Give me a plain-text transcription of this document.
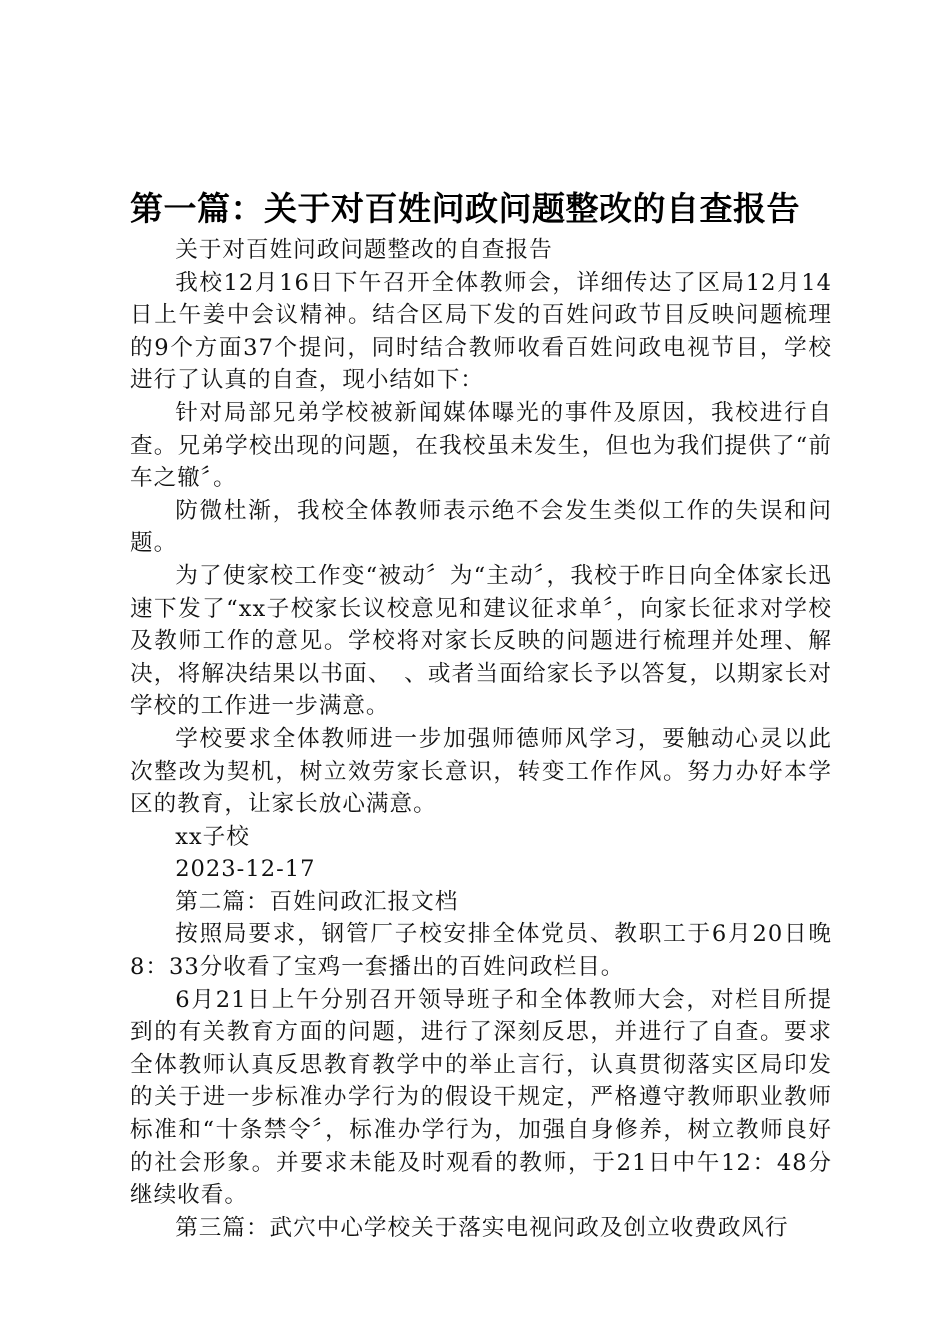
第一篇：关于对百姓问政问题整改的自查报告

关于对百姓问政问题整改的自查报告

我校12月16日下午召开全体教师会，详细传达了区局12月14日上午姜中会议精神。结合区局下发的百姓问政节目反映问题梳理的9个方面37个提问，同时结合教师收看百姓问政电视节目，学校进行了认真的自查，现小结如下：

针对局部兄弟学校被新闻媒体曝光的事件及原因，我校进行自查。兄弟学校出现的问题，在我校虽未发生，但也为我们提供了“前车之辙〞。

防微杜渐，我校全体教师表示绝不会发生类似工作的失误和问题。

为了使家校工作变“被动〞为“主动〞，我校于昨日向全体家长迅速下发了“xx子校家长议校意见和建议征求单〞，向家长征求对学校及教师工作的意见。学校将对家长反映的问题进行梳理并处理、解决，将解决结果以书面、　、或者当面给家长予以答复，以期家长对学校的工作进一步满意。

学校要求全体教师进一步加强师德师风学习，要触动心灵以此次整改为契机，树立效劳家长意识，转变工作作风。努力办好本学区的教育，让家长放心满意。

xx子校

2023-12-17

第二篇：百姓问政汇报文档

按照局要求，钢管厂子校安排全体党员、教职工于6月20日晚8：33分收看了宝鸡一套播出的百姓问政栏目。

6月21日上午分别召开领导班子和全体教师大会，对栏目所提到的有关教育方面的问题，进行了深刻反思，并进行了自查。要求全体教师认真反思教育教学中的举止言行，认真贯彻落实区局印发的关于进一步标准办学行为的假设干规定，严格遵守教师职业教师标准和“十条禁令〞，标准办学行为，加强自身修养，树立教师良好的社会形象。并要求未能及时观看的教师，于21日中午12：48分继续收看。

第三篇：武穴中心学校关于落实电视问政及创立收费政风行
